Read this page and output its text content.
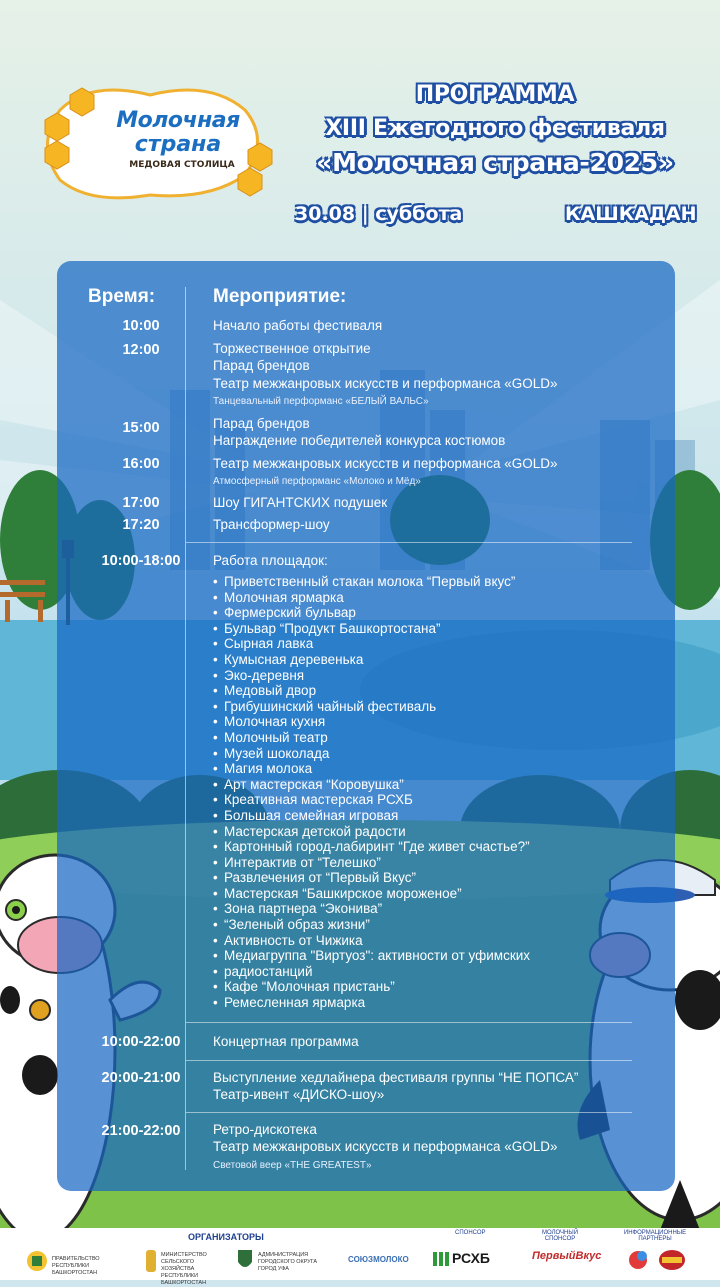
Молочная
страна
МЕДОВАЯ СТОЛИЦА
ПРОГРАММА
XIII Ежегодного фестиваля
«Молочная страна-2025»
30.08 | суббота	КАШКАДАН
Время:	Мероприятие:
10:00	Начало работы фестиваля
12:00	Торжественное открытие
Парад брендов
Театр межжанровых искусств и перформанса «GOLD»
Танцевальный перформанс «БЕЛЫЙ ВАЛЬС»
15:00	Парад брендов
Награждение победителей конкурса костюмов
16:00	Театр межжанровых искусств и перформанса «GOLD»
Атмосферный перформанс «Молоко и Мёд»
17:00	Шоу ГИГАНТСКИХ подушек
17:20	Трансформер-шоу
10:00-18:00	Работа площадок:
• Приветственный стакан молока “Первый вкус”
• Молочная ярмарка
• Фермерский бульвар
• Бульвар “Продукт Башкортостана”
• Сырная лавка
• Кумысная деревенька
• Эко-деревня
• Медовый двор
• Грибушинский чайный фестиваль
• Молочная кухня
• Молочный театр
• Музей шоколада
• Магия молока
• Арт мастерская “Коровушка”
• Креативная мастерская РСХБ
• Большая семейная игровая
• Мастерская детской радости
• Картонный город-лабиринт “Где живет счастье?”
• Интерактив от “Телешко”
• Развлечения от “Первый Вкус”
• Мастерская “Башкирское мороженое”
• Зона партнера “Эконива”
• “Зеленый образ жизни”
• Активность от Чижика
• Медиагруппа "Виртуоз": активности от уфимских
• радиостанций
• Кафе “Молочная пристань”
• Ремесленная ярмарка
10:00-22:00	Концертная программа
20:00-21:00	Выступление хедлайнера фестиваля группы “НЕ ПОПСА”
Театр-ивент «ДИСКО-шоу»
21:00-22:00	Ретро-дискотека
Театр межжанровых искусств и перформанса «GOLD»
Световой веер «THE GREATEST»
ОРГАНИЗАТОРЫ	СПОНСОР	МОЛОЧНЫЙ СПОНСОР
ИНФОРМАЦИОННЫЕ ПАРТНЕРЫ
ПРАВИТЕЛЬСТВО РЕСПУБЛИКИ БАШКОРТОСТАН
МИНИСТЕРСТВО СЕЛЬСКОГО ХОЗЯЙСТВА РЕСПУБЛИКИ БАШКОРТОСТАН
АДМИНИСТРАЦИЯ ГОРОДСКОГО ОКРУГА ГОРОД УФА
СОЮЗМОЛОКО	РСХБ	ПервыйВкус
